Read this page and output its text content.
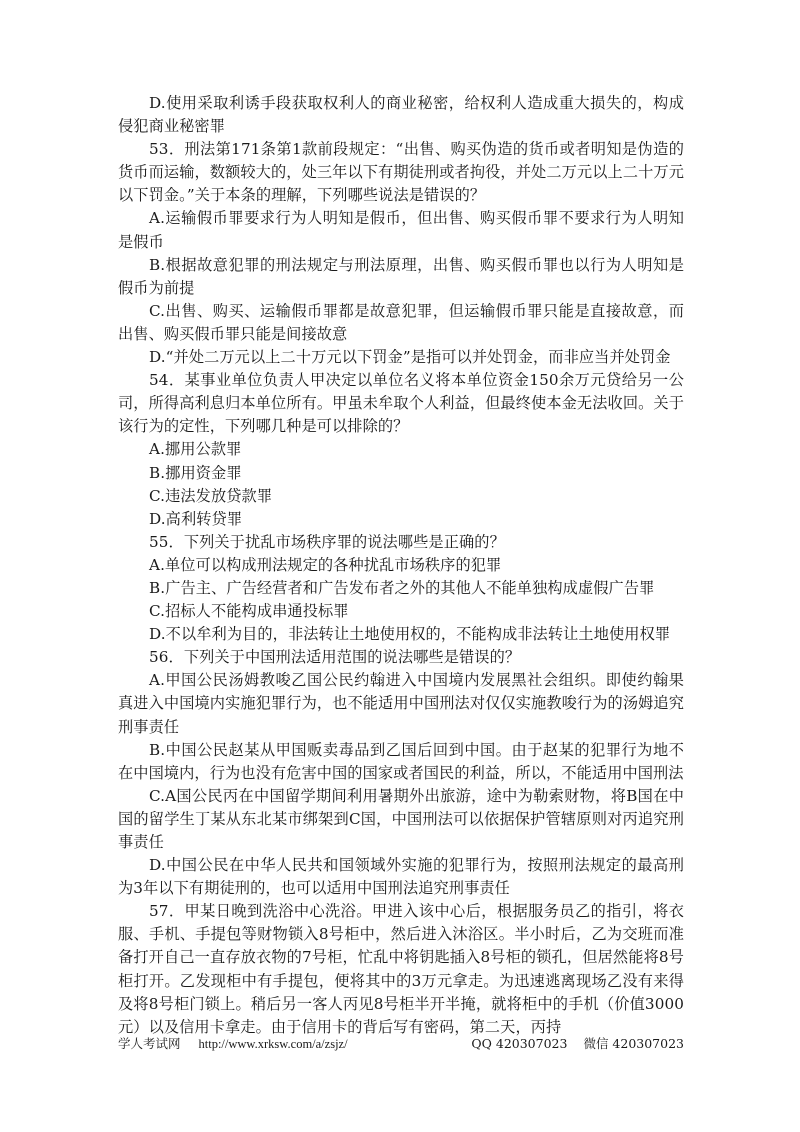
D.使用采取利诱手段获取权利人的商业秘密，给权利人造成重大损失的，构成侵犯商业秘密罪

53．刑法第171条第1款前段规定：“出售、购买伪造的货币或者明知是伪造的货币而运输，数额较大的，处三年以下有期徒刑或者拘役，并处二万元以上二十万元以下罚金。”关于本条的理解，下列哪些说法是错误的？

A.运输假币罪要求行为人明知是假币，但出售、购买假币罪不要求行为人明知是假币

B.根据故意犯罪的刑法规定与刑法原理，出售、购买假币罪也以行为人明知是假币为前提

C.出售、购买、运输假币罪都是故意犯罪，但运输假币罪只能是直接故意，而出售、购买假币罪只能是间接故意

D.“并处二万元以上二十万元以下罚金”是指可以并处罚金，而非应当并处罚金

54．某事业单位负责人甲决定以单位名义将本单位资金150余万元贷给另一公司，所得高利息归本单位所有。甲虽未牟取个人利益，但最终使本金无法收回。关于该行为的定性，下列哪几种是可以排除的？

A.挪用公款罪

B.挪用资金罪

C.违法发放贷款罪

D.高利转贷罪

55．下列关于扰乱市场秩序罪的说法哪些是正确的？

A.单位可以构成刑法规定的各种扰乱市场秩序的犯罪

B.广告主、广告经营者和广告发布者之外的其他人不能单独构成虚假广告罪

C.招标人不能构成串通投标罪

D.不以牟利为目的，非法转让土地使用权的，不能构成非法转让土地使用权罪

56．下列关于中国刑法适用范围的说法哪些是错误的？

A.甲国公民汤姆教唆乙国公民约翰进入中国境内发展黑社会组织。即使约翰果真进入中国境内实施犯罪行为，也不能适用中国刑法对仅仅实施教唆行为的汤姆追究刑事责任

B.中国公民赵某从甲国贩卖毒品到乙国后回到中国。由于赵某的犯罪行为地不在中国境内，行为也没有危害中国的国家或者国民的利益，所以，不能适用中国刑法

C.A国公民丙在中国留学期间利用暑期外出旅游，途中为勒索财物，将B国在中国的留学生丁某从东北某市绑架到C国，中国刑法可以依据保护管辖原则对丙追究刑事责任

D.中国公民在中华人民共和国领域外实施的犯罪行为，按照刑法规定的最高刑为3年以下有期徒刑的，也可以适用中国刑法追究刑事责任

57．甲某日晚到洗浴中心洗浴。甲进入该中心后，根据服务员乙的指引，将衣服、手机、手提包等财物锁入8号柜中，然后进入沐浴区。半小时后，乙为交班而准备打开自己一直存放衣物的7号柜，忙乱中将钥匙插入8号柜的锁孔，但居然能将8号柜打开。乙发现柜中有手提包，便将其中的3万元拿走。为迅速逃离现场乙没有来得及将8号柜门锁上。稍后另一客人丙见8号柜半开半掩，就将柜中的手机（价值3000元）以及信用卡拿走。由于信用卡的背后写有密码，第二天，丙持

学人考试网 http://www.xrksw.com/a/zsjz/	QQ 420307023 微信 420307023
